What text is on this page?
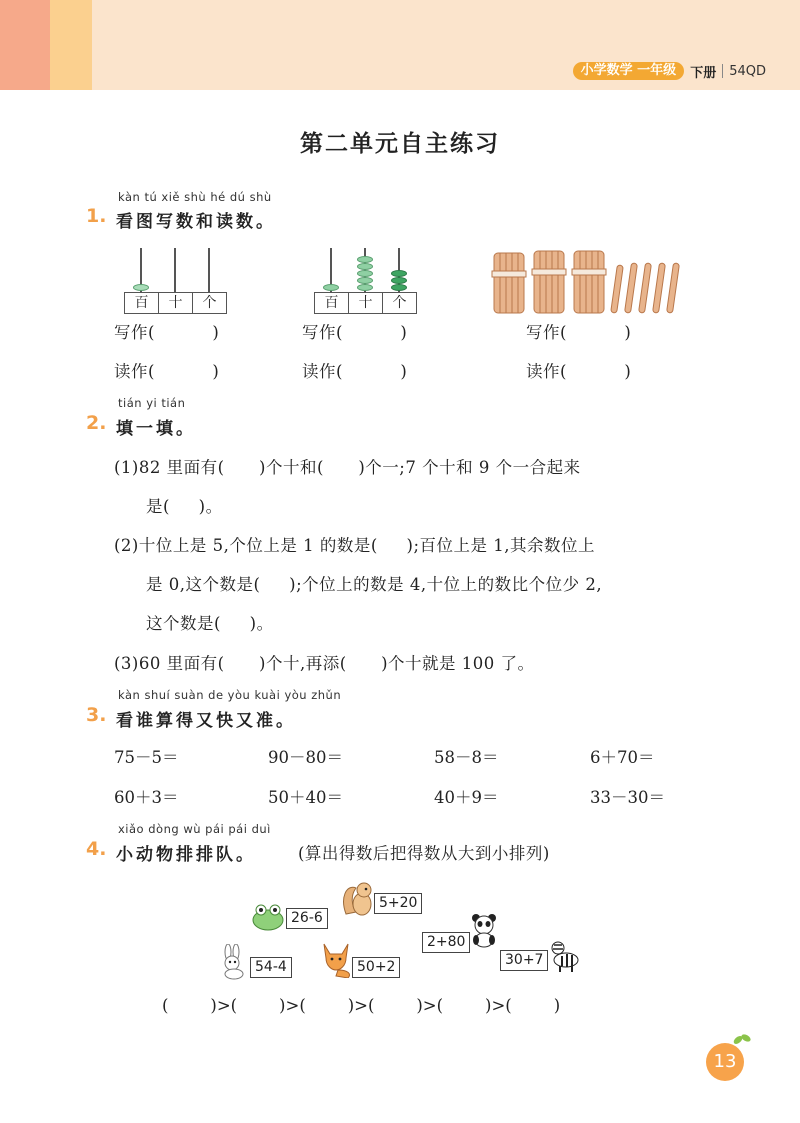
小学数学 一年级	下册 54QD
第二单元自主练习
kàn tú xiě shù hé dú shù
1. 看图写数和读数。
百	十	个	百	十	个
写作(          )	写作(          )	写作(          )
读作(          )	读作(          )	读作(          )
tián yi tián
2. 填一填。
(1)82 里面有(      )个十和(      )个一;7 个十和 9 个一合起来
是(     )。
(2)十位上是 5,个位上是 1 的数是(     );百位上是 1,其余数位上
是 0,这个数是(     );个位上的数是 4,十位上的数比个位少 2,
这个数是(     )。
(3)60 里面有(      )个十,再添(      )个十就是 100 了。
kàn shuí suàn de yòu kuài yòu zhǔn
3. 看谁算得又快又准。
75－5＝	90－80＝	58－8＝	6＋70＝
60＋3＝	50＋40＝	40＋9＝	33－30＝
xiǎo dòng wù pái pái duì
4. 小动物排排队。	(算出得数后把得数从大到小排列)
26-6
5+20
54-4	50+2
2+80
30+7
(        )>(        )>(        )>(        )>(        )>(        )
13
